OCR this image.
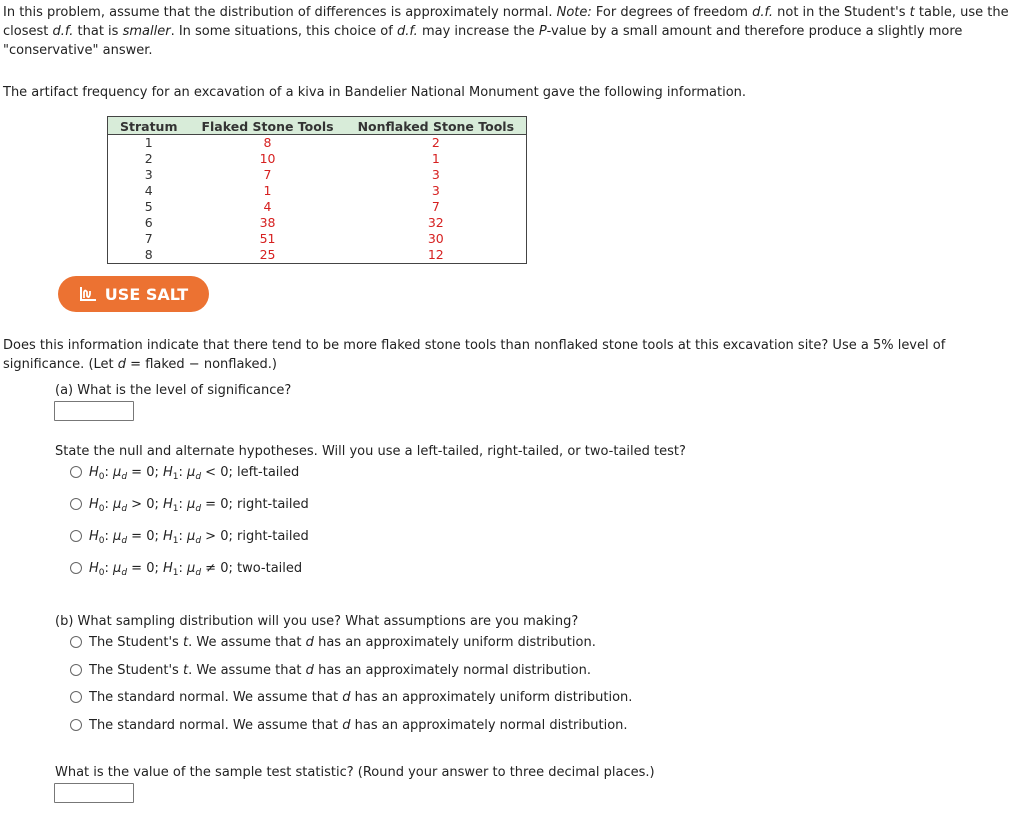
In this problem, assume that the distribution of differences is approximately normal. Note: For degrees of freedom d.f. not in the Student's t table, use the closest d.f. that is smaller. In some situations, this choice of d.f. may increase the P-value by a small amount and therefore produce a slightly more "conservative" answer.
The artifact frequency for an excavation of a kiva in Bandelier National Monument gave the following information.
Stratum	Flaked Stone Tools	Nonflaked Stone Tools
1	8	2
2	10	1
3	7	3
4	1	3
5	4	7
6	38	32
7	51	30
8	25	12
USE SALT
Does this information indicate that there tend to be more flaked stone tools than nonflaked stone tools at this excavation site? Use a 5% level of significance. (Let d = flaked − nonflaked.)
(a) What is the level of significance?
State the null and alternate hypotheses. Will you use a left-tailed, right-tailed, or two-tailed test?
$H_0$: $\mu_d = 0$; $H_1$: $\mu_d < 0$; left-tailed
$H_0$: $\mu_d > 0$; $H_1$: $\mu_d = 0$; right-tailed
$H_0$: $\mu_d = 0$; $H_1$: $\mu_d > 0$; right-tailed
$H_0$: $\mu_d = 0$; $H_1$: $\mu_d \ne 0$; two-tailed
(b) What sampling distribution will you use? What assumptions are you making?
The Student's t. We assume that d has an approximately uniform distribution.
The Student's t. We assume that d has an approximately normal distribution.
The standard normal. We assume that d has an approximately uniform distribution.
The standard normal. We assume that d has an approximately normal distribution.
What is the value of the sample test statistic? (Round your answer to three decimal places.)
